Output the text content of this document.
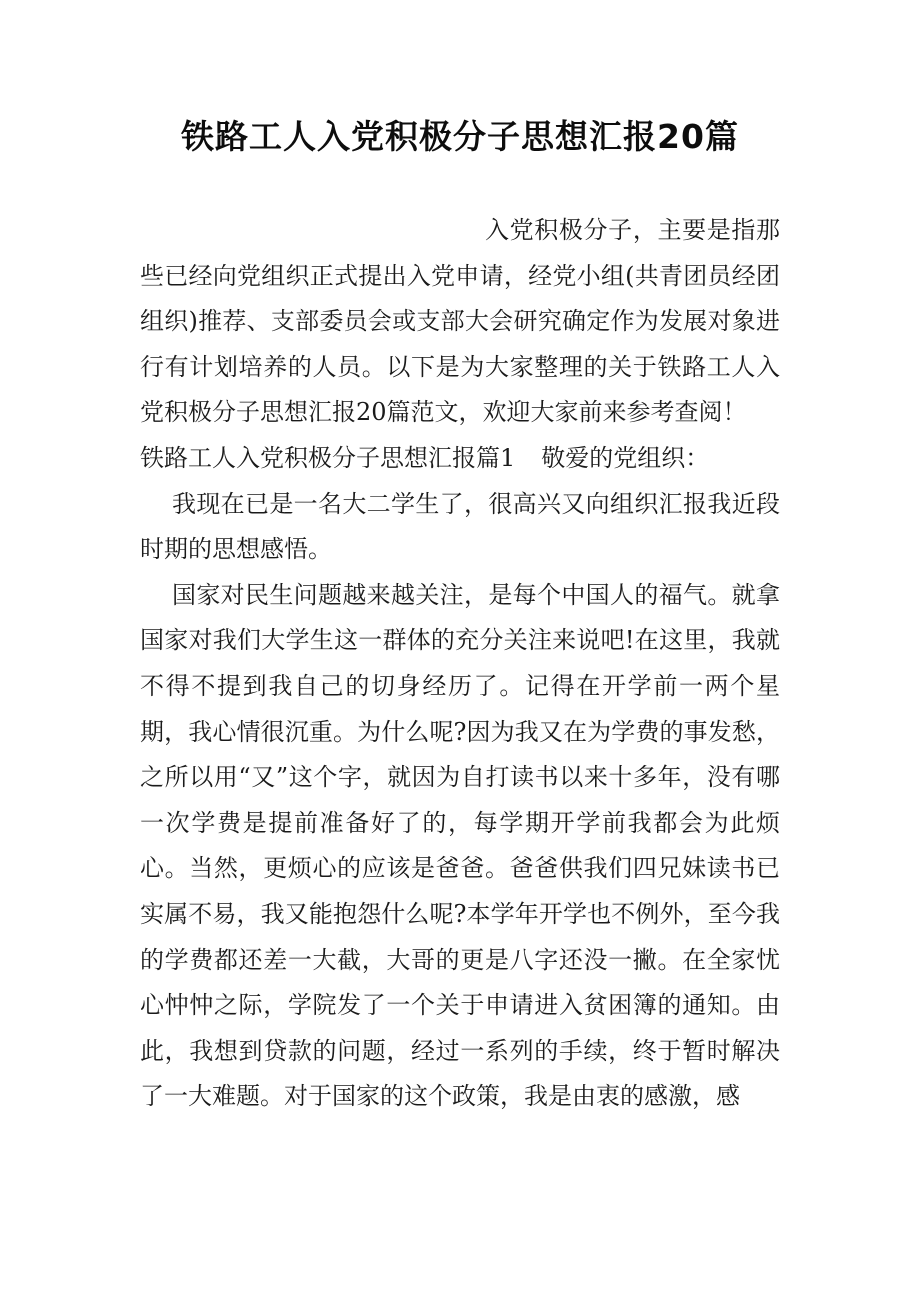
铁路工人入党积极分子思想汇报20篇

入党积极分子，主要是指那些已经向党组织正式提出入党申请，经党小组(共青团员经团组织)推荐、支部委员会或支部大会研究确定作为发展对象进行有计划培养的人员。以下是为大家整理的关于铁路工人入党积极分子思想汇报20篇范文，欢迎大家前来参考查阅！

铁路工人入党积极分子思想汇报篇1 敬爱的党组织：

我现在已是一名大二学生了，很高兴又向组织汇报我近段时期的思想感悟。

国家对民生问题越来越关注，是每个中国人的福气。就拿国家对我们大学生这一群体的充分关注来说吧!在这里，我就不得不提到我自己的切身经历了。记得在开学前一两个星期，我心情很沉重。为什么呢?因为我又在为学费的事发愁，之所以用“又”这个字，就因为自打读书以来十多年，没有哪一次学费是提前准备好了的，每学期开学前我都会为此烦心。当然，更烦心的应该是爸爸。爸爸供我们四兄妹读书已实属不易，我又能抱怨什么呢?本学年开学也不例外，至今我的学费都还差一大截，大哥的更是八字还没一撇。在全家忧心忡忡之际，学院发了一个关于申请进入贫困簿的通知。由此，我想到贷款的问题，经过一系列的手续，终于暂时解决了一大难题。对于国家的这个政策，我是由衷的感激，感
